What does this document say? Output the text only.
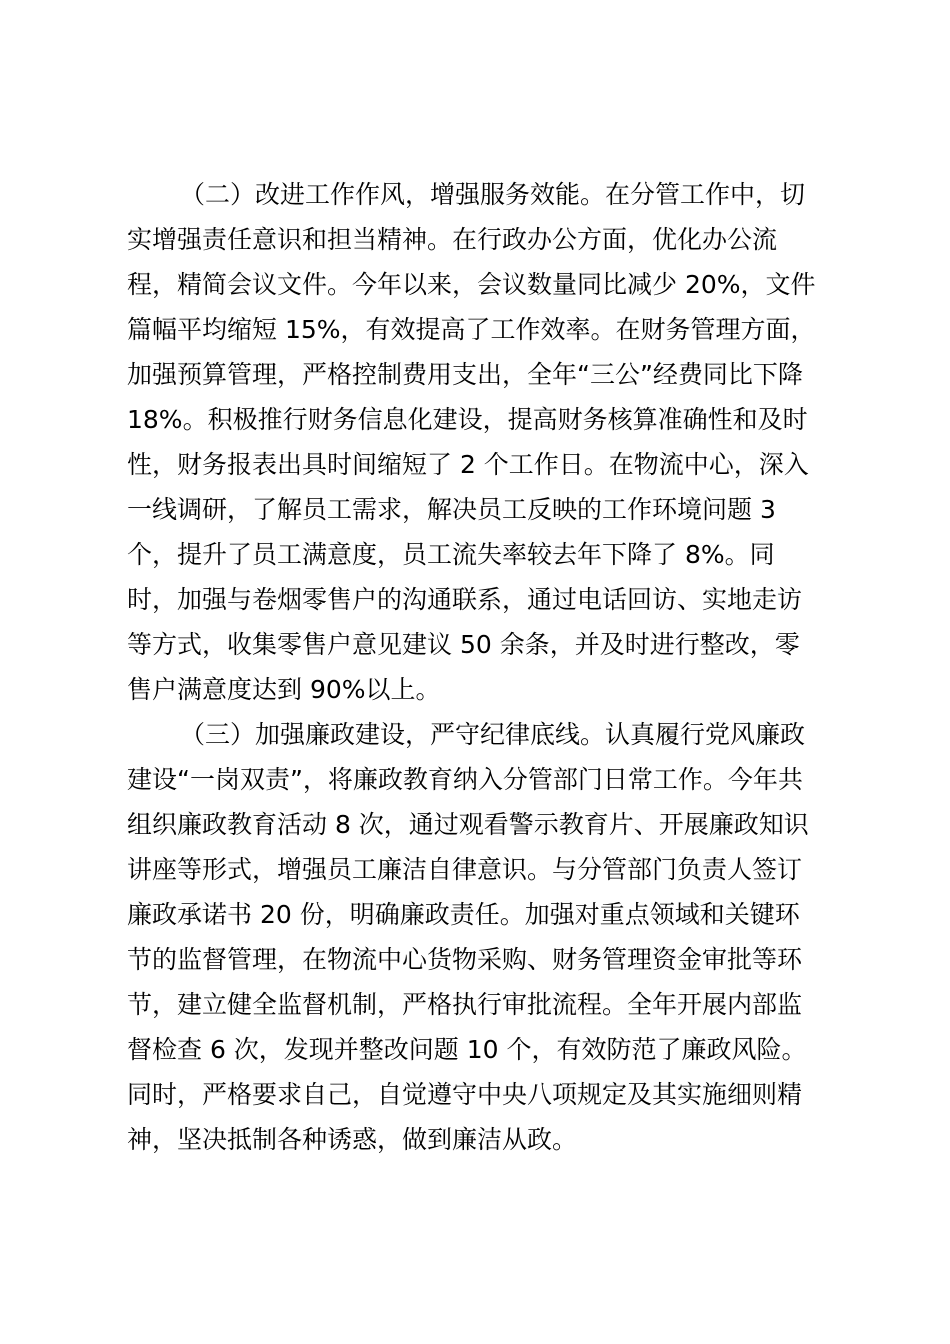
（二）改进工作作风，增强服务效能。在分管工作中，切
实增强责任意识和担当精神。在行政办公方面，优化办公流
程，精简会议文件。今年以来，会议数量同比减少 20%，文件
篇幅平均缩短 15%，有效提高了工作效率。在财务管理方面，
加强预算管理，严格控制费用支出，全年“三公”经费同比下降
18%。积极推行财务信息化建设，提高财务核算准确性和及时
性，财务报表出具时间缩短了 2 个工作日。在物流中心，深入
一线调研，了解员工需求，解决员工反映的工作环境问题 3
个，提升了员工满意度，员工流失率较去年下降了 8%。同
时，加强与卷烟零售户的沟通联系，通过电话回访、实地走访
等方式，收集零售户意见建议 50 余条，并及时进行整改，零
售户满意度达到 90%以上。
（三）加强廉政建设，严守纪律底线。认真履行党风廉政
建设“一岗双责”，将廉政教育纳入分管部门日常工作。今年共
组织廉政教育活动 8 次，通过观看警示教育片、开展廉政知识
讲座等形式，增强员工廉洁自律意识。与分管部门负责人签订
廉政承诺书 20 份，明确廉政责任。加强对重点领域和关键环
节的监督管理，在物流中心货物采购、财务管理资金审批等环
节，建立健全监督机制，严格执行审批流程。全年开展内部监
督检查 6 次，发现并整改问题 10 个，有效防范了廉政风险。
同时，严格要求自己，自觉遵守中央八项规定及其实施细则精
神，坚决抵制各种诱惑，做到廉洁从政。
